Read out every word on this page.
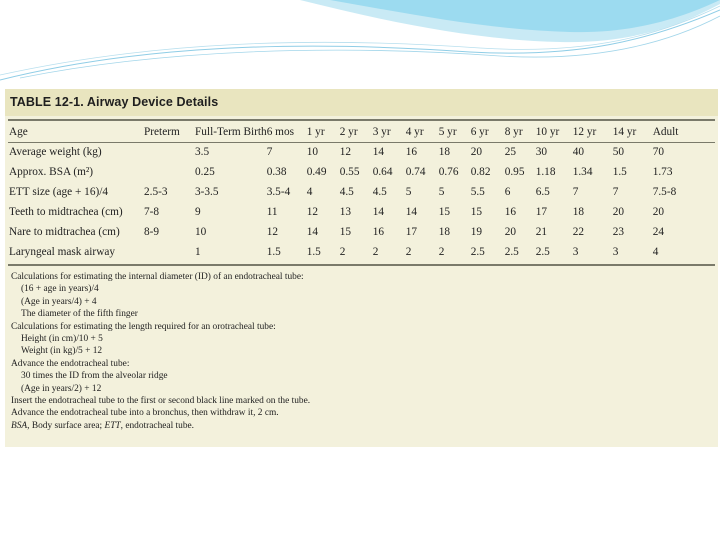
TABLE 12-1. Airway Device Details
Age	Preterm	Full-Term Birth	6 mos	1 yr	2 yr	3 yr	4 yr	5 yr	6 yr	8 yr	10 yr	12 yr	14 yr	Adult
Average weight (kg)		3.5	7	10	12	14	16	18	20	25	30	40	50	70
Approx. BSA (m²)		0.25	0.38	0.49	0.55	0.64	0.74	0.76	0.82	0.95	1.18	1.34	1.5	1.73
ETT size (age + 16)/4	2.5-3	3-3.5	3.5-4	4	4.5	4.5	5	5	5.5	6	6.5	7	7	7.5-8
Teeth to midtrachea (cm)	7-8	9	11	12	13	14	14	15	15	16	17	18	20	20
Nare to midtrachea (cm)	8-9	10	12	14	15	16	17	18	19	20	21	22	23	24
Laryngeal mask airway		1	1.5	1.5	2	2	2	2	2.5	2.5	2.5	3	3	4
Calculations for estimating the internal diameter (ID) of an endotracheal tube:
(16 + age in years)/4
(Age in years/4) + 4
The diameter of the fifth finger
Calculations for estimating the length required for an orotracheal tube:
Height (in cm)/10 + 5
Weight (in kg)/5 + 12
Advance the endotracheal tube:
30 times the ID from the alveolar ridge
(Age in years/2) + 12
Insert the endotracheal tube to the first or second black line marked on the tube.
Advance the endotracheal tube into a bronchus, then withdraw it, 2 cm.
BSA, Body surface area; ETT, endotracheal tube.
